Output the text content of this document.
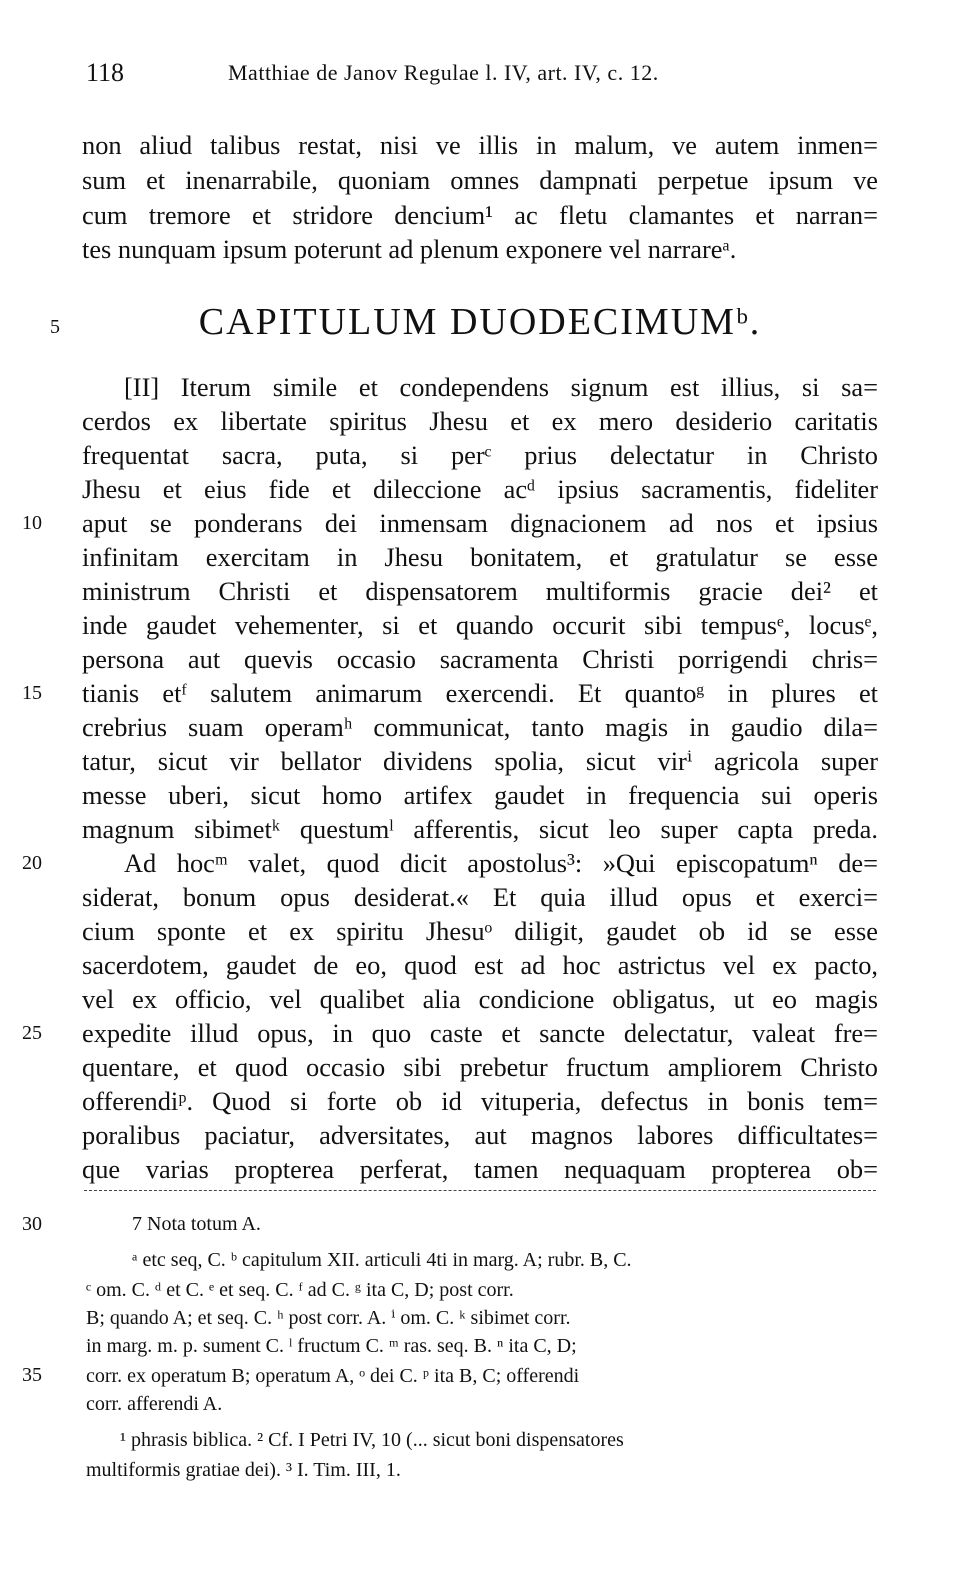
118	Matthiae de Janov Regulae l. IV, art. IV, c. 12.
non aliud talibus restat, nisi ve illis in malum, ve autem inmen=
sum et inenarrabile, quoniam omnes dampnati perpetue ipsum ve
cum tremore et stridore dencium¹ ac fletu clamantes et narran=
tes nunquam ipsum poterunt ad plenum exponere vel narrareᵃ.
5	CAPITULUM DUODECIMUMᵇ.
[II] Iterum simile et condependens signum est illius, si sa=
cerdos ex libertate spiritus Jhesu et ex mero desiderio caritatis
frequentat sacra, puta, si perᶜ prius delectatur in Christo
Jhesu et eius fide et dileccione acᵈ ipsius sacramentis, fideliter
aput se ponderans dei inmensam dignacionem ad nos et ipsius
infinitam exercitam in Jhesu bonitatem, et gratulatur se esse
ministrum Christi et dispensatorem multiformis gracie dei² et
inde gaudet vehementer, si et quando occurit sibi tempusᵉ, locusᵉ,
persona aut quevis occasio sacramenta Christi porrigendi chris=
tianis etᶠ salutem animarum exercendi. Et quantoᵍ in plures et
crebrius suam operamʰ communicat, tanto magis in gaudio dila=
tatur, sicut vir bellator dividens spolia, sicut virⁱ agricola super
messe uberi, sicut homo artifex gaudet in frequencia sui operis
magnum sibimetᵏ questumˡ afferentis, sicut leo super capta preda.
Ad hocᵐ valet, quod dicit apostolus³: »Qui episcopatumⁿ de=
siderat, bonum opus desiderat.« Et quia illud opus et exerci=
cium sponte et ex spiritu Jhesuᵒ diligit, gaudet ob id se esse
sacerdotem, gaudet de eo, quod est ad hoc astrictus vel ex pacto,
vel ex officio, vel qualibet alia condicione obligatus, ut eo magis
expedite illud opus, in quo caste et sancte delectatur, valeat fre=
quentare, et quod occasio sibi prebetur fructum ampliorem Christo
offerendiᵖ. Quod si forte ob id vituperia, defectus in bonis tem=
poralibus paciatur, adversitates, aut magnos labores difficultates=
que varias propterea perferat, tamen nequaquam propterea ob=
10
15
20
25
30	7 Nota totum A.
ᵃ etc seq, C. ᵇ capitulum XII. articuli 4ti in marg. A; rubr. B, C.
ᶜ om. C. ᵈ et C. ᵉ et seq. C. ᶠ ad C. ᵍ ita C, D; post corr.
B; quando A; et seq. C. ʰ post corr. A. ⁱ om. C. ᵏ sibimet corr.
in marg. m. p. sument C. ˡ fructum C. ᵐ ras. seq. B. ⁿ ita C, D;
35	corr. ex operatum B; operatum A, ᵒ dei C. ᵖ ita B, C; offerendi
corr. afferendi A.
¹ phrasis biblica. ² Cf. I Petri IV, 10 (... sicut boni dispensatores
multiformis gratiae dei). ³ I. Tim. III, 1.
